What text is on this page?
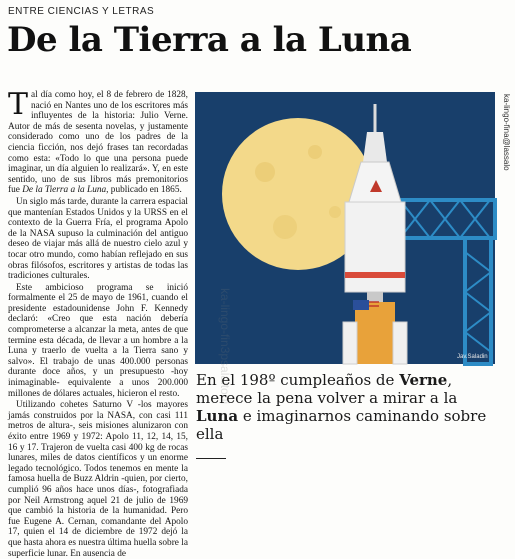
ENTRE CIENCIAS Y LETRAS
De la Tierra a la Luna

Tal día como hoy, el 8 de febrero de 1828, nació en Nantes uno de los escritores más influyentes de la historia: Julio Verne. Autor de más de sesenta novelas, y justamente considerado como uno de los padres de la ciencia ficción, nos dejó frases tan recordadas como esta: «Todo lo que una persona puede imaginar, un día alguien lo realizará». Y, en este sentido, uno de sus libros más premonitorios fue De la Tierra a la Luna, publicado en 1865.

Un siglo más tarde, durante la carrera espacial que mantenían Estados Unidos y la URSS en el contexto de la Guerra Fría, el programa Apolo de la NASA supuso la culminación del antiguo deseo de viajar más allá de nuestro cielo azul y tocar otro mundo, como habían reflejado en sus obras filósofos, escritores y artistas de todas las tradiciones culturales.

Este ambicioso programa se inició formalmente el 25 de mayo de 1961, cuando el presidente estadounidense John F. Kennedy declaró: «Creo que esta nación debería comprometerse a alcanzar la meta, antes de que termine esta década, de llevar a un hombre a la Luna y traerlo de vuelta a la Tierra sano y salvo». El trabajo de unas 400.000 personas durante doce años, y un presupuesto -hoy inimaginable- equivalente a unos 200.000 millones de dólares actuales, hicieron el resto.

Utilizando cohetes Saturno V -los mayores jamás construidos por la NASA, con casi 111 metros de altura-, seis misiones alunizaron con éxito entre 1969 y 1972: Apolo 11, 12, 14, 15, 16 y 17. Trajeron de vuelta casi 400 kg de rocas lunares, miles de datos científicos y un enorme legado tecnológico. Todos tenemos en mente la famosa huella de Buzz Aldrin -quien, por cierto, cumplió 96 años hace unos días-, fotografiada por Neil Armstrong aquel 21 de julio de 1969 que cambió la historia de la humanidad. Pero fue Eugene A. Cernan, comandante del Apolo 17, quien el 14 de diciembre de 1972 dejó la que hasta ahora es nuestra última huella sobre la superficie lunar. En ausencia de

Jav.Saladin
ka-lingo-fina@lassalo
ka-lingo-fin3psalaitoni
En el 198º cumpleaños de Verne, merece la pena volver a mirar a la Luna e imaginarnos caminando sobre ella
